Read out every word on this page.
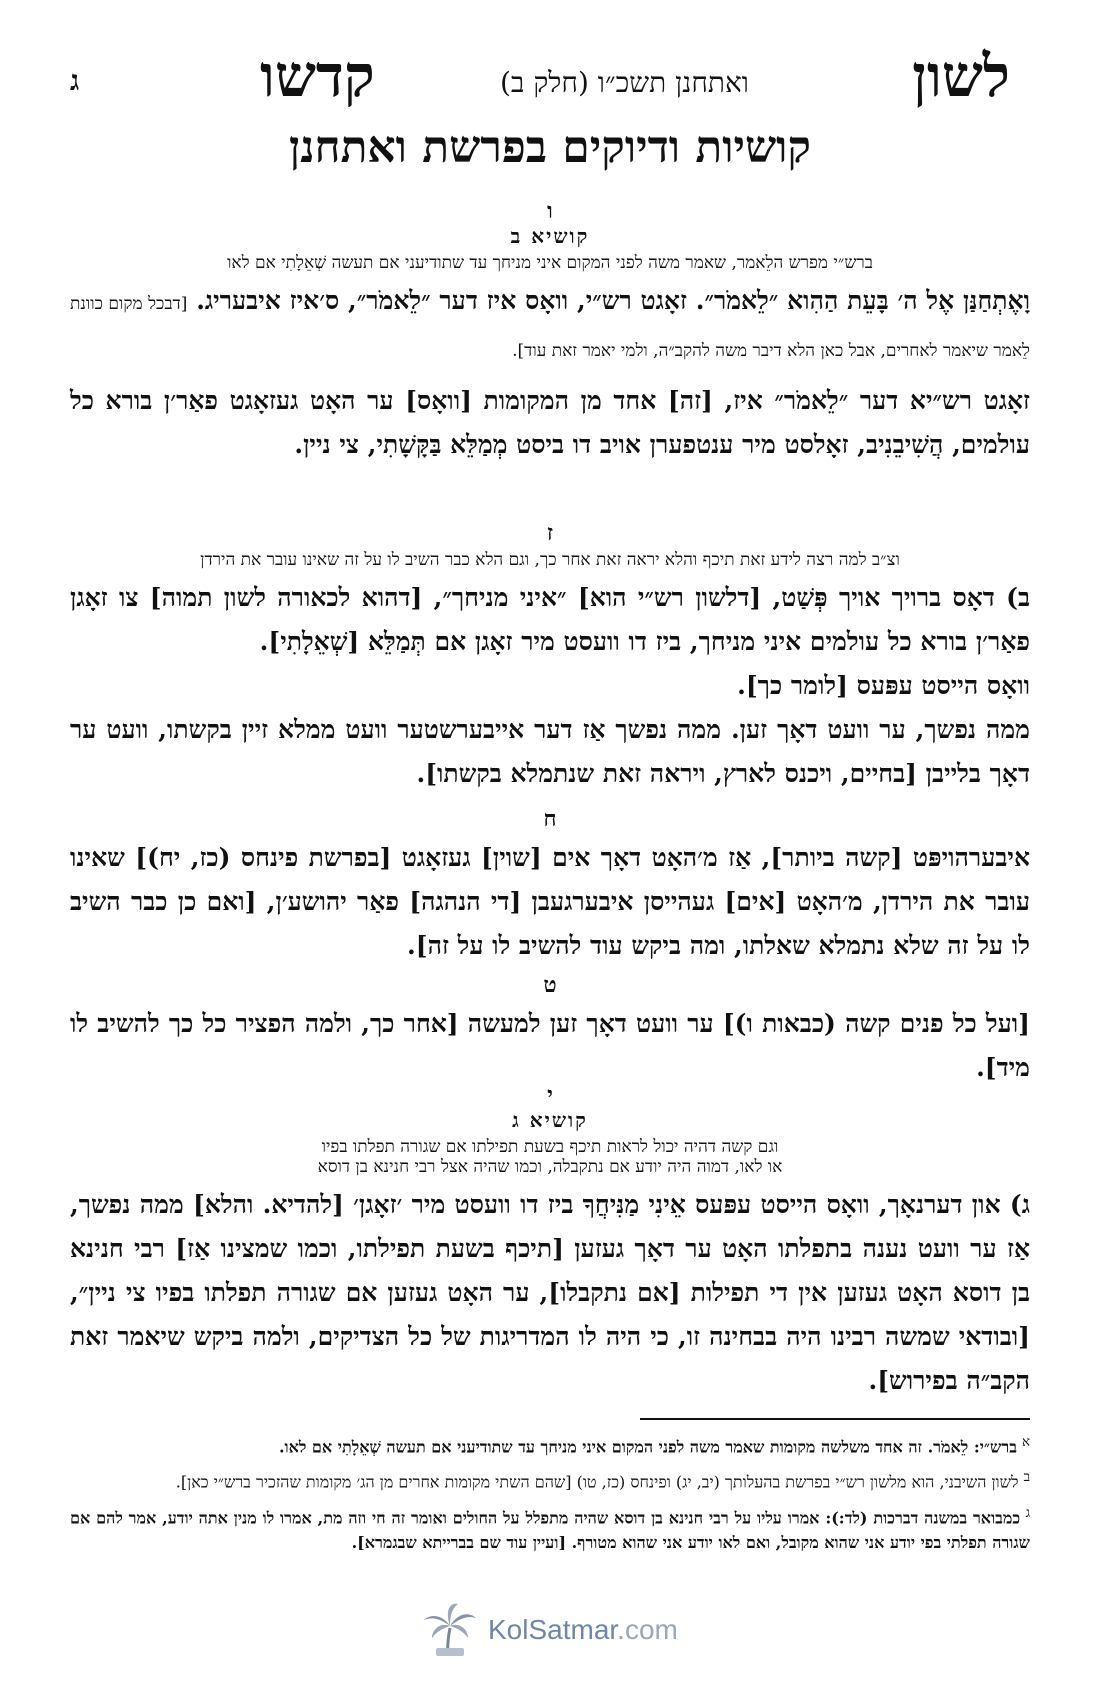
ג	קדשו	ואתחנן תשכ״ו (חלק ב)	לשון
קושיות ודיוקים בפרשת ואתחנן
ו
קושיא ב
ברש״י מפרש הלֵאמר, שאמר משה לפני המקום איני מניחך עד שתודיעני אם תעשה שְׁאֵלָתִי אם לאו
וָאֶתְחַנַּן אֶל ה׳ בָּעֵת הַהִוא ״לֵאמֹר״. זאָגט רש״י, וואָס איז דער ״לֵאמֹר״, ס׳איז איבעריג. [דבכל מקום כוונת לֵאמר שיאמר לאחרים, אבל כאן הלא דיבר משה להקב״ה, ולמי יאמר זאת עוד].
זאָגט רש״יא דער ״לֵאמֹר״ איז, [זה] אחד מן המקומות [וואָס] ער האָט געזאָגט פאַר׳ן בורא כל עולמים, הֲשִׁיבֵנִיב, זאָלסט מיר ענטפערן אויב דו ביסט מְמַלֵּא בַּקָּשָׁתִי, צי ניין.
ז
וצ״ב למה רצה לידע זאת תיכף והלא יראה זאת אחר כך, וגם הלא כבר השיב לו על זה שאינו עובר את הירדן
ב) דאָס ברויך אויך פְּשַׁט, [דלשון רש״י הוא] ״איני מניחך״, [דהוא לכאורה לשון תמוה] צו זאָגן פאַר׳ן בורא כל עולמים איני מניחך, ביז דו וועסט מיר זאָגן אם תְּמַלֵּא [שְׁאֵלָתִי].
וואָס הייסט עפּעס [לומר כך].
ממה נפשך, ער וועט דאָך זען. ממה נפשך אַז דער אייבערשטער וועט ממלא זיין בקשתו, וועט ער דאָך בלייבן [בחיים, ויכנס לארץ, ויראה זאת שנתמלא בקשתו].
ח
איבערהויפּט [קשה ביותר], אַז מ׳האָט דאָך אים [שוין] געזאָגט [בפרשת פינחס (כז, יח)] שאינו עובר את הירדן, מ׳האָט [אים] געהייסן איבערגעבן [די הנהגה] פאַר יהושע׳ן, [ואם כן כבר השיב לו על זה שלא נתמלא שאלתו, ומה ביקש עוד להשיב לו על זה].
ט
[ועל כל פנים קשה (כבאות ו)] ער וועט דאָך זען למעשה [אחר כך, ולמה הפציר כל כך להשיב לו מיד].
י
קושיא ג
וגם קשה דהיה יכול לראות תיכף בשעת תפילתו אם שגורה תפלתו בפיו
או לאו, דמוה היה יודע אם נתקבלה, וכמו שהיה אצל רבי חנינא בן דוסא
ג) און דערנאָך, וואָס הייסט עפּעס אֵינִי מַנִּיחֲךָ ביז דו וועסט מיר ׳זאָגן׳ [להדיא. והלא] ממה נפשך, אַז ער וועט נענה בתפלתו האָט ער דאָך געזען [תיכף בשעת תפילתו, וכמו שמצינו אַז] רבי חנינא בן דוסא האָט געזען אין די תפילות [אם נתקבלו], ער האָט געזען אם שגורה תפלתו בפיו צי ניין״, [ובודאי שמשה רבינו היה בבחינה זו, כי היה לו המדריגות של כל הצדיקים, ולמה ביקש שיאמר זאת הקב״ה בפירוש].
$^א$ ברש״י: לֵאמֹר. זה אחד משלשה מקומות שאמר משה לפני המקום איני מניחך עד שתודיעני אם תעשה שְׁאֵלָתִי אם לאו.
$^ב$ לשון השיבני, הוא מלשון רש״י בפרשת בהעלותך (יב, יג) ופינחס (כז, טו) [שהם השתי מקומות אחרים מן הג׳ מקומות שהזכיר ברש״י כאן].
$^ג$ כמבואר במשנה דברכות (לד:): אמרו עליו על רבי חנינא בן דוסא שהיה מתפלל על החולים ואומר זה חי וזה מת, אמרו לו מנין אתה יודע, אמר להם אם שגורה תפלתי בפי יודע אני שהוא מקובל, ואם לאו יודע אני שהוא מטורף. [ועיין עוד שם בברייתא שבגמרא].
KolSatmar.com
